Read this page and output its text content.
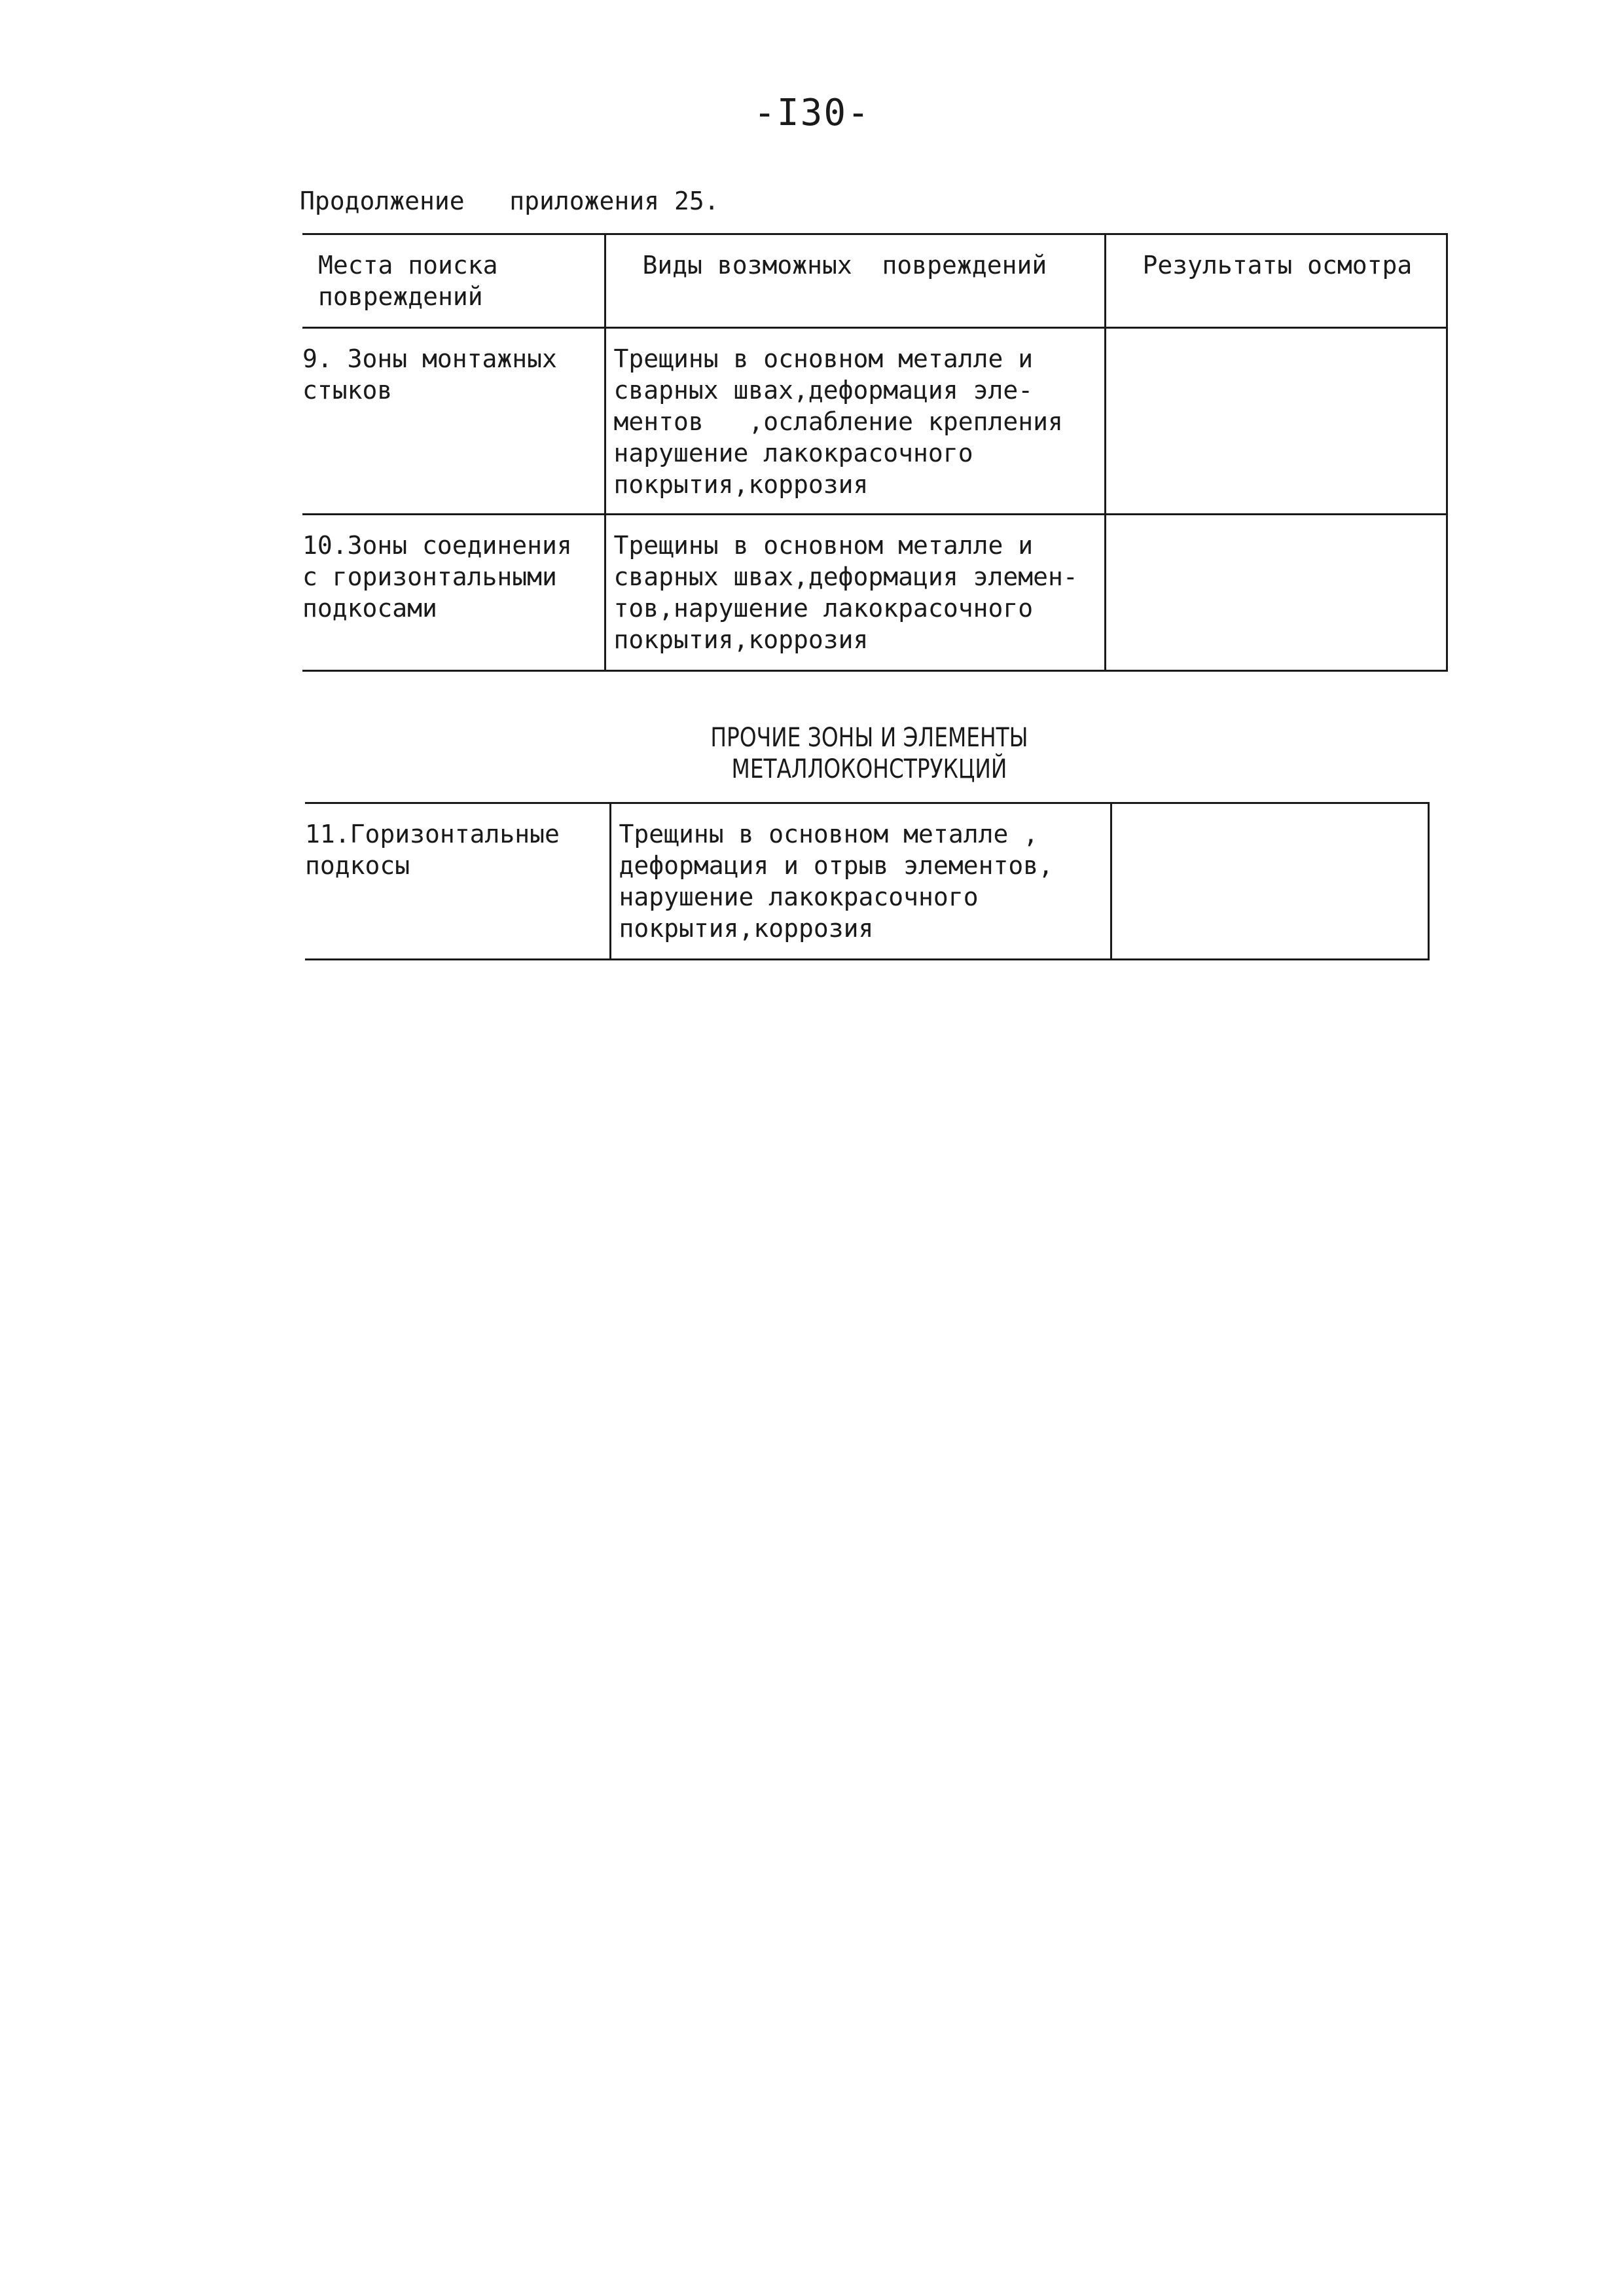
-I30-
Продолжение   приложения 25.
Места поиска
повреждений	Виды возможных  повреждений	Результаты осмотра
9. Зоны монтажных
стыков	Трещины в основном металле и
сварных швах,деформация эле-
ментов   ,ослабление крепления
нарушение лакокрасочного
покрытия,коррозия	
10.Зоны соединения
с горизонтальными
подкосами	Трещины в основном металле и
сварных швах,деформация элемен-
тов,нарушение лакокрасочного
покрытия,коррозия	
ПРОЧИЕ ЗОНЫ И ЭЛЕМЕНТЫ
МЕТАЛЛОКОНСТРУКЦИЙ
11.Горизонтальные
подкосы	Трещины в основном металле ,
деформация и отрыв элементов,
нарушение лакокрасочного
покрытия,коррозия	
